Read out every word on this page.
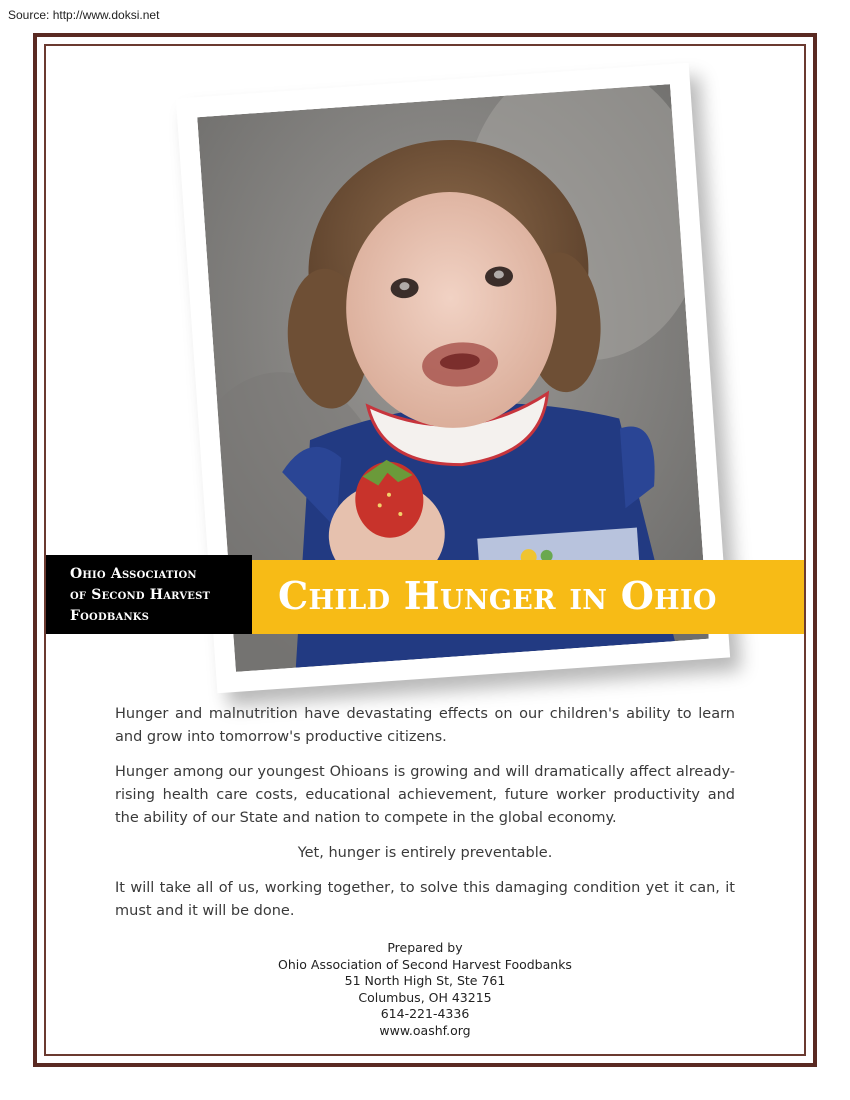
Source: http://www.doksi.net
Ohio Association
of Second Harvest
Foodbanks	Child Hunger in Ohio

Hunger and malnutrition have devastating effects on our children's ability to learn and grow into tomorrow's productive citizens.

Hunger among our youngest Ohioans is growing and will dramatically affect already-rising health care costs, educational achievement, future worker productivity and the ability of our State and nation to compete in the global economy.

Yet, hunger is entirely preventable.

It will take all of us, working together, to solve this damaging condition yet it can, it must and it will be done.

Prepared by
Ohio Association of Second Harvest Foodbanks
51 North High St, Ste 761
Columbus, OH 43215
614-221-4336
www.oashf.org
